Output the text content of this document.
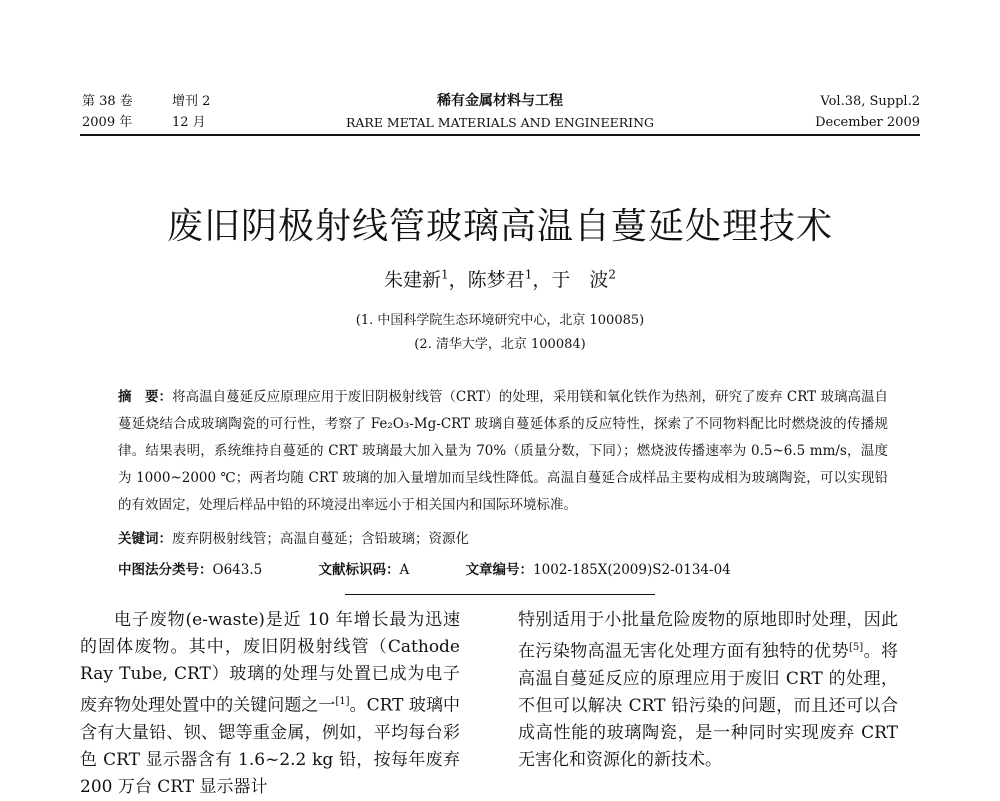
第 38 卷	增刊 2
2009 年	12 月
稀有金属材料与工程
RARE METAL MATERIALS AND ENGINEERING
Vol.38, Suppl.2
December 2009
废旧阴极射线管玻璃高温自蔓延处理技术
朱建新$^1$，陈梦君$^1$，于　波$^2$
(1. 中国科学院生态环境研究中心，北京 100085)
(2. 清华大学，北京 100084)
摘　要：将高温自蔓延反应原理应用于废旧阴极射线管（CRT）的处理，采用镁和氧化铁作为热剂，研究了废弃 CRT 玻璃高温自蔓延烧结合成玻璃陶瓷的可行性，考察了 Fe₂O₃-Mg-CRT 玻璃自蔓延体系的反应特性，探索了不同物料配比时燃烧波的传播规律。结果表明，系统维持自蔓延的 CRT 玻璃最大加入量为 70%（质量分数，下同）；燃烧波传播速率为 0.5~6.5 mm/s，温度为 1000~2000 ℃；两者均随 CRT 玻璃的加入量增加而呈线性降低。高温自蔓延合成样品主要构成相为玻璃陶瓷，可以实现铅的有效固定，处理后样品中铅的环境浸出率远小于相关国内和国际环境标准。
关键词：废弃阴极射线管；高温自蔓延；含铅玻璃；资源化
中图法分类号：O643.5	文献标识码：A	文章编号：1002-185X(2009)S2-0134-04
电子废物(e-waste)是近 10 年增长最为迅速的固体废物。其中，废旧阴极射线管（Cathode Ray Tube, CRT）玻璃的处理与处置已成为电子废弃物处理处置中的关键问题之一[1]。CRT 玻璃中含有大量铅、钡、锶等重金属，例如，平均每台彩色 CRT 显示器含有 1.6~2.2 kg 铅，按每年废弃 200 万台 CRT 显示器计
特别适用于小批量危险废物的原地即时处理，因此在污染物高温无害化处理方面有独特的优势[5]。将高温自蔓延反应的原理应用于废旧 CRT 的处理，不但可以解决 CRT 铅污染的问题，而且还可以合成高性能的玻璃陶瓷，是一种同时实现废弃 CRT 无害化和资源化的新技术。
